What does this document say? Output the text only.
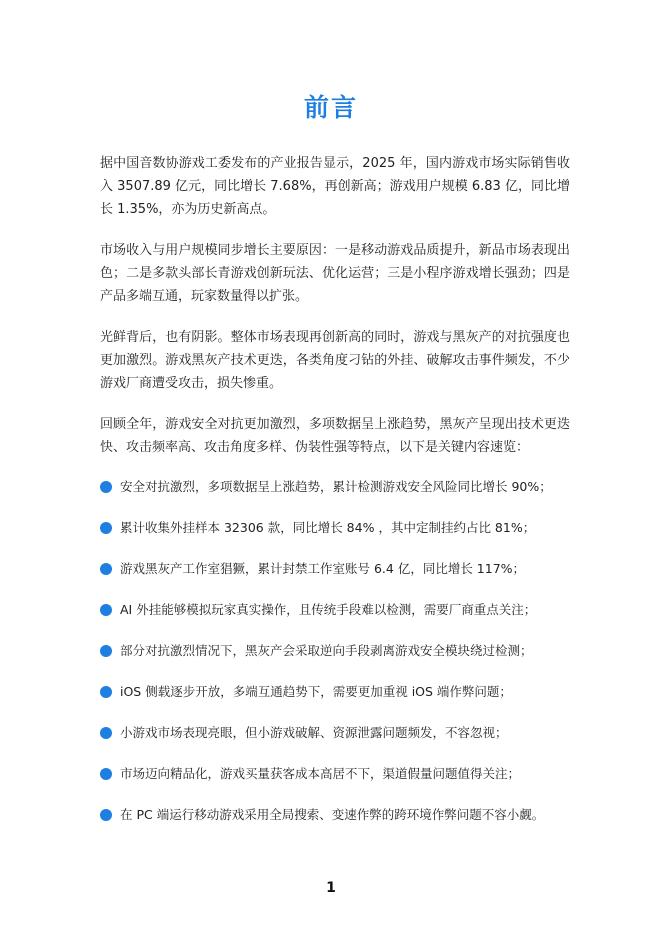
前言

据中国音数协游戏工委发布的产业报告显示，2025 年，国内游戏市场实际销售收入 3507.89 亿元，同比增长 7.68%，再创新高；游戏用户规模 6.83 亿，同比增长 1.35%，亦为历史新高点。

市场收入与用户规模同步增长主要原因：一是移动游戏品质提升，新品市场表现出色；二是多款头部长青游戏创新玩法、优化运营；三是小程序游戏增长强劲；四是产品多端互通，玩家数量得以扩张。

光鲜背后，也有阴影。整体市场表现再创新高的同时，游戏与黑灰产的对抗强度也更加激烈。游戏黑灰产技术更迭，各类角度刁钻的外挂、破解攻击事件频发，不少游戏厂商遭受攻击，损失惨重。

回顾全年，游戏安全对抗更加激烈，多项数据呈上涨趋势，黑灰产呈现出技术更迭快、攻击频率高、攻击角度多样、伪装性强等特点，以下是关键内容速览：

安全对抗激烈，多项数据呈上涨趋势，累计检测游戏安全风险同比增长 90%；
累计收集外挂样本 32306 款，同比增长 84% ，其中定制挂约占比 81%；
游戏黑灰产工作室猖獗，累计封禁工作室账号 6.4 亿，同比增长 117%；
AI 外挂能够模拟玩家真实操作，且传统手段难以检测，需要厂商重点关注；
部分对抗激烈情况下，黑灰产会采取逆向手段剥离游戏安全模块绕过检测；
iOS 侧载逐步开放，多端互通趋势下，需要更加重视 iOS 端作弊问题；
小游戏市场表现亮眼，但小游戏破解、资源泄露问题频发，不容忽视；
市场迈向精品化，游戏买量获客成本高居不下，渠道假量问题值得关注；
在 PC 端运行移动游戏采用全局搜索、变速作弊的跨环境作弊问题不容小觑。
1
